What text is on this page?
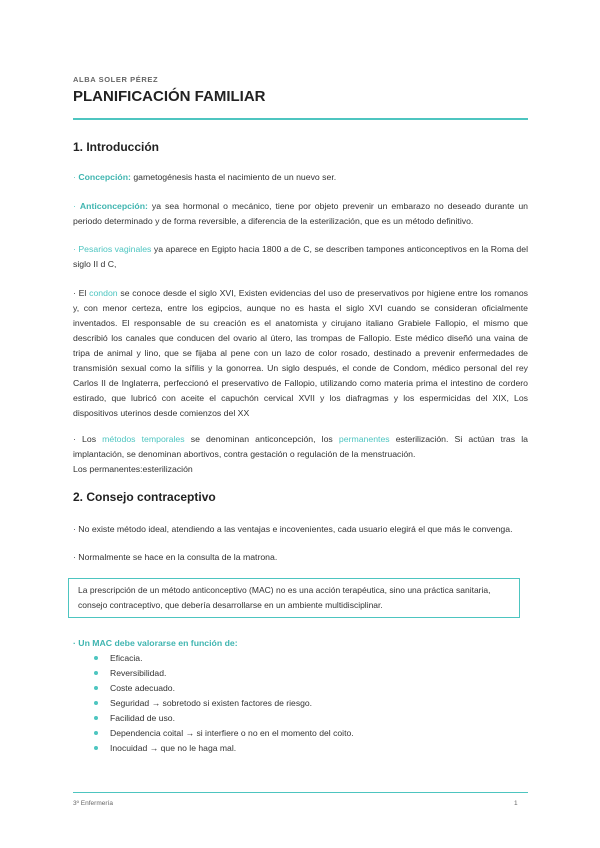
ALBA SOLER PÉREZ
PLANIFICACIÓN FAMILIAR
1. Introducción

· Concepción: gametogénesis hasta el nacimiento de un nuevo ser.

· Anticoncepción: ya sea hormonal o mecánico, tiene por objeto prevenir un embarazo no deseado durante un periodo determinado y de forma reversible, a diferencia de la esterilización, que es un método definitivo.

· Pesarios vaginales ya aparece en Egipto hacia 1800 a de C, se describen tampones anticonceptivos en la Roma del siglo II d C,

· El condon se conoce desde el siglo XVI, Existen evidencias del uso de preservativos por higiene entre los romanos y, con menor certeza, entre los egipcios, aunque no es hasta el siglo XVI cuando se consideran oficialmente inventados. El responsable de su creación es el anatomista y cirujano italiano Grabiele Fallopio, el mismo que describió los canales que conducen del ovario al útero, las trompas de Fallopio. Este médico diseñó una vaina de tripa de animal y lino, que se fijaba al pene con un lazo de color rosado, destinado a prevenir enfermedades de transmisión sexual como la sífilis y la gonorrea. Un siglo después, el conde de Condom, médico personal del rey Carlos II de Inglaterra, perfeccionó el preservativo de Fallopio, utilizando como materia prima el intestino de cordero estirado, que lubricó con aceite el capuchón cervical XVII y los diafragmas y los espermicidas del XIX, Los dispositivos uterinos desde comienzos del XX

· Los métodos temporales se denominan anticoncepción, los permanentes esterilización. Si actúan tras la implantación, se denominan abortivos, contra gestación o regulación de la menstruación.
Los permanentes:esterilización

2. Consejo contraceptivo

· No existe método ideal, atendiendo a las ventajas e incovenientes, cada usuario elegirá el que más le convenga.

· Normalmente se hace en la consulta de la matrona.

La prescripción de un método anticonceptivo (MAC) no es una acción terapéutica, sino una práctica sanitaria, consejo contraceptivo, que debería desarrollarse en un ambiente multidisciplinar.

· Un MAC debe valorarse en función de:

Eficacia.
Reversibilidad.
Coste adecuado.
Seguridad → sobretodo si existen factores de riesgo.
Facilidad de uso.
Dependencia coital → si interfiere o no en el momento del coito.
Inocuidad → que no le haga mal.
3º Enfermería	1
